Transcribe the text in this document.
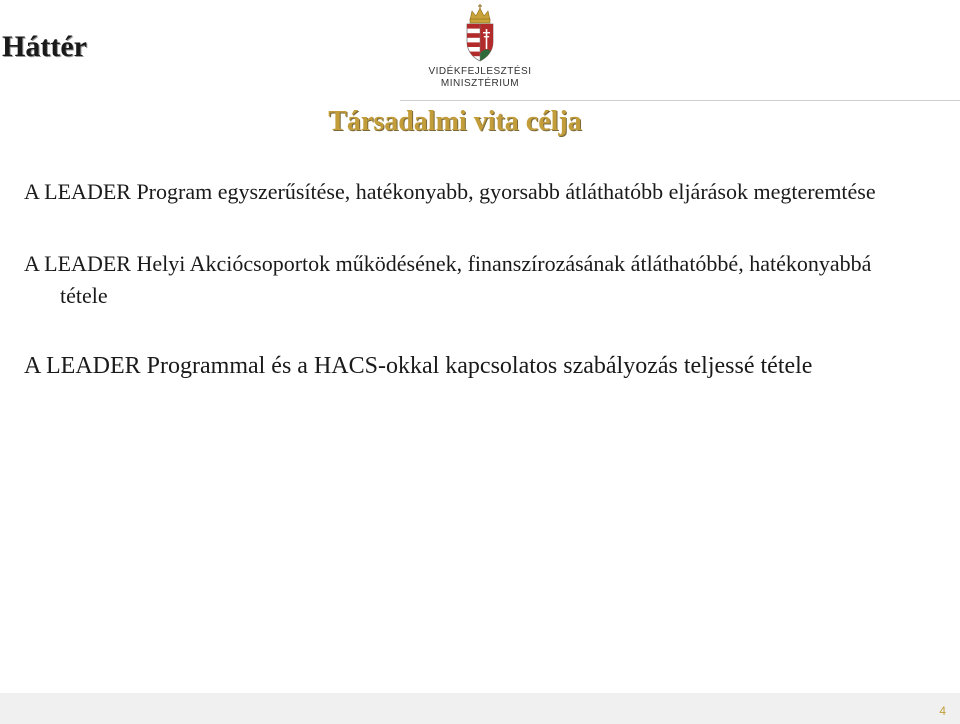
Háttér
VIDÉKFEJLESZTÉSI
MINISZTÉRIUM
Társadalmi vita célja
A LEADER Program egyszerűsítése, hatékonyabb, gyorsabb átláthatóbb eljárások megteremtése
A LEADER Helyi Akciócsoportok működésének, finanszírozásának átláthatóbbé, hatékonyabbá tétele
A LEADER Programmal és a HACS-okkal kapcsolatos szabályozás teljessé tétele
4
